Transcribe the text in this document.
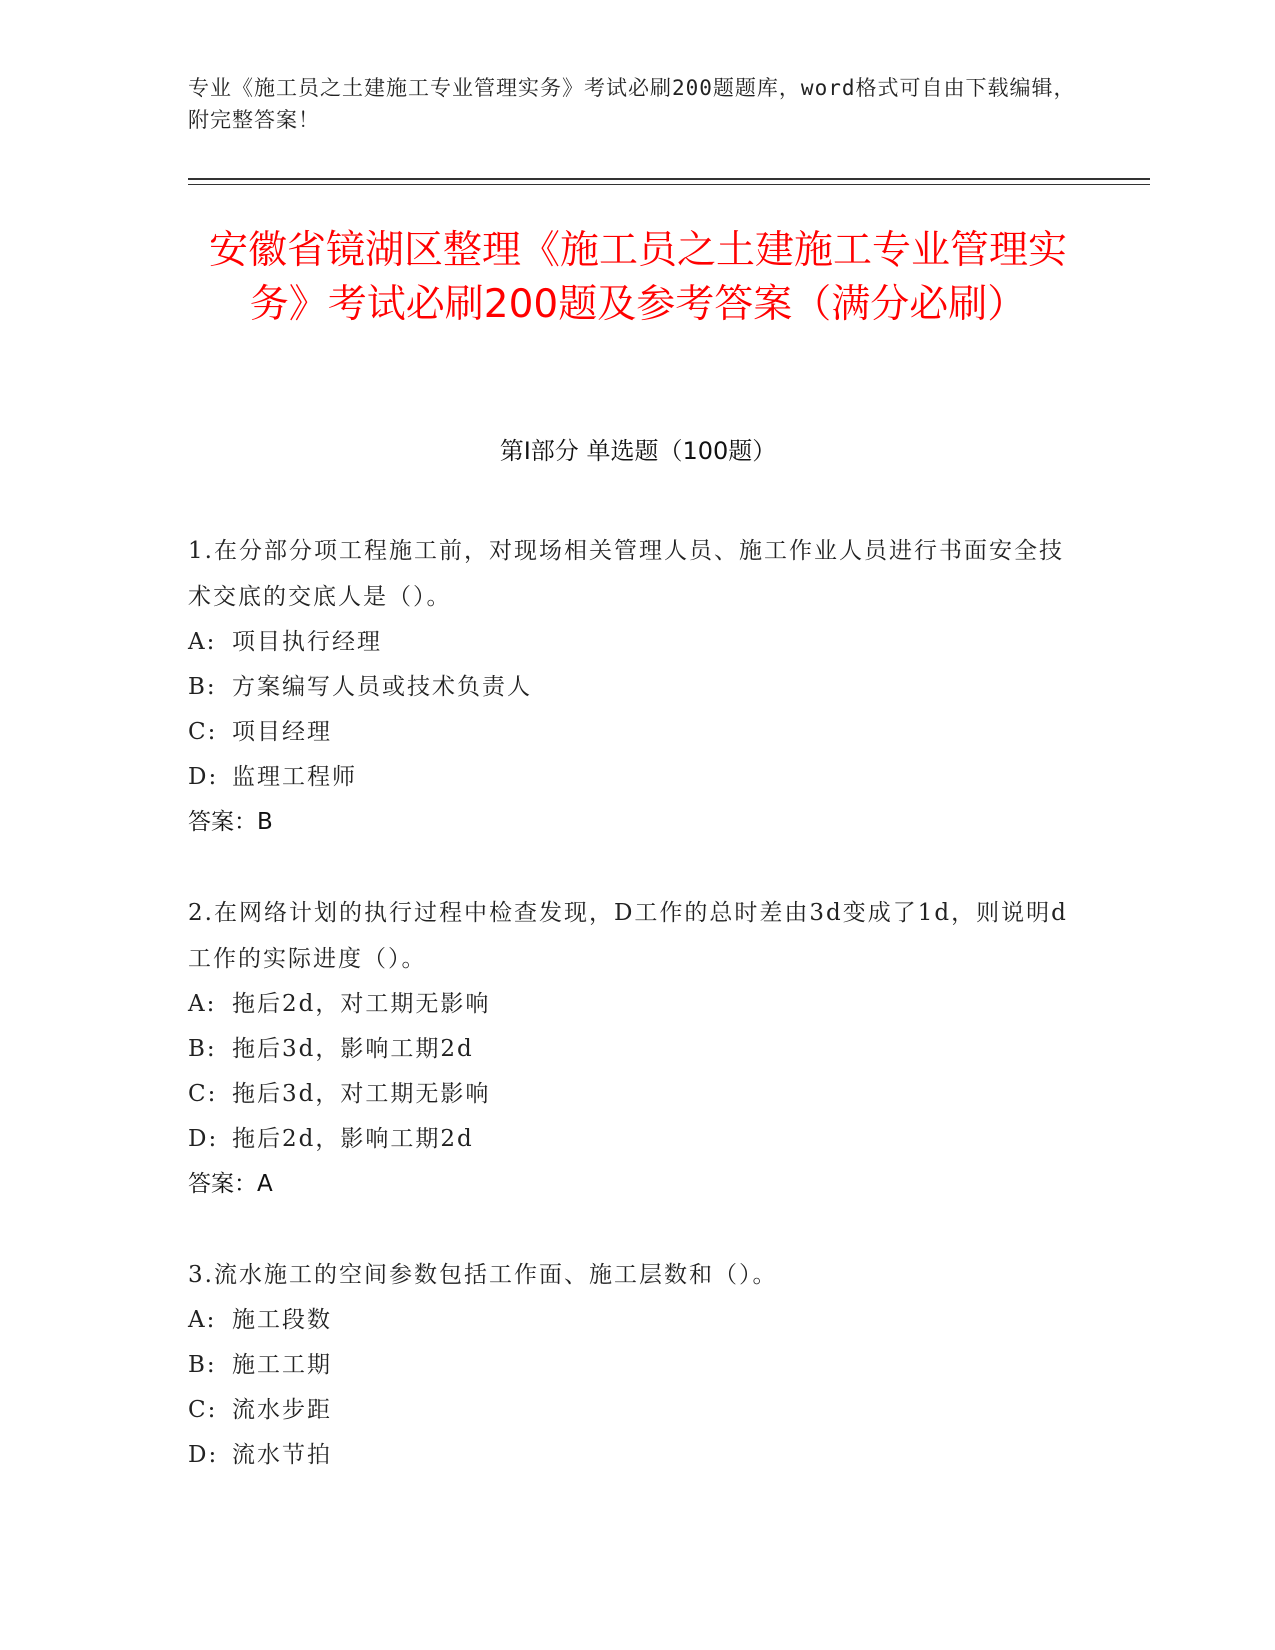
专业《施工员之土建施工专业管理实务》考试必刷200题题库，word格式可自由下载编辑，附完整答案！
安徽省镜湖区整理《施工员之土建施工专业管理实务》考试必刷200题及参考答案（满分必刷）
第I部分 单选题（100题）
1.在分部分项工程施工前，对现场相关管理人员、施工作业人员进行书面安全技术交底的交底人是（）。
A: 项目执行经理
B: 方案编写人员或技术负责人
C: 项目经理
D: 监理工程师
答案：B
2.在网络计划的执行过程中检查发现，D工作的总时差由3d变成了1d，则说明d工作的实际进度（）。
A: 拖后2d，对工期无影响
B: 拖后3d，影响工期2d
C: 拖后3d，对工期无影响
D: 拖后2d，影响工期2d
答案：A
3.流水施工的空间参数包括工作面、施工层数和（）。
A: 施工段数
B: 施工工期
C: 流水步距
D: 流水节拍
